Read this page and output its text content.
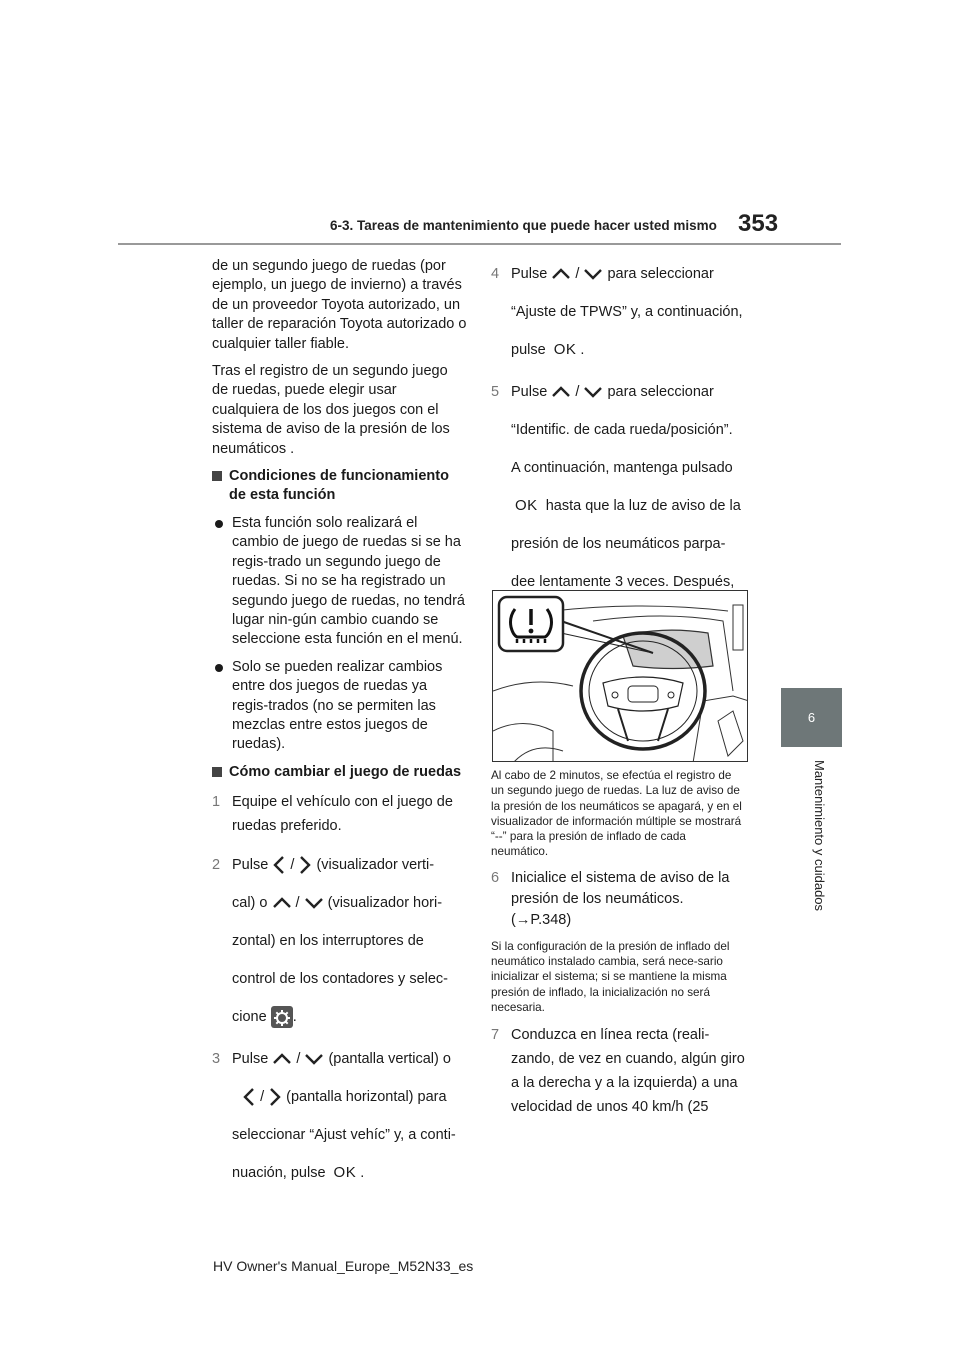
6-3. Tareas de mantenimiento que puede hacer usted mismo 353
6
Mantenimiento y cuidados

de un segundo juego de ruedas (por ejemplo, un juego de invierno) a través de un proveedor Toyota autorizado, un taller de reparación Toyota autorizado o cualquier taller fiable.

Tras el registro de un segundo juego de ruedas, puede elegir usar cualquiera de los dos juegos con el sistema de aviso de la presión de los neumáticos .

Condiciones de funcionamiento de esta función
Esta función solo realizará el cambio de juego de ruedas si se ha regis-trado un segundo juego de ruedas. Si no se ha registrado un segundo juego de ruedas, no tendrá lugar nin-gún cambio cuando se seleccione esta función en el menú.
Solo se pueden realizar cambios entre dos juegos de ruedas ya regis-trados (no se permiten las mezclas entre estos juegos de ruedas).
Cómo cambiar el juego de ruedas
1 Equipe el vehículo con el juego de ruedas preferido.
2 Pulse / (visualizador verti-
cal) o / (visualizador hori-
zontal) en los interruptores de
control de los contadores y selec-
cione .
3 Pulse / (pantalla vertical) o
/ (pantalla horizontal) para
seleccionar “Ajust vehíc” y, a conti-
nuación, pulse OK .
4 Pulse / para seleccionar
“Ajuste de TPWS” y, a continuación,
pulse OK .
5 Pulse / para seleccionar
“Identific. de cada rueda/posición”.
A continuación, mantenga pulsado
OK hasta que la luz de aviso de la
presión de los neumáticos parpa-
dee lentamente 3 veces. Después,

Al cabo de 2 minutos, se efectúa el registro de un segundo juego de ruedas. La luz de aviso de la presión de los neumáticos se apagará, y en el visualizador de información múltiple se mostrará “--” para la presión de inflado de cada neumático.

6 Inicialice el sistema de aviso de la presión de los neumáticos.
(→P.348)

Si la configuración de la presión de inflado del neumático instalado cambia, será nece-sario inicializar el sistema; si se mantiene la misma presión de inflado, la inicialización no será necesaria.

7 Conduzca en línea recta (reali-zando, de vez en cuando, algún giro a la derecha y a la izquierda) a una velocidad de unos 40 km/h (25
HV Owner's Manual_Europe_M52N33_es
